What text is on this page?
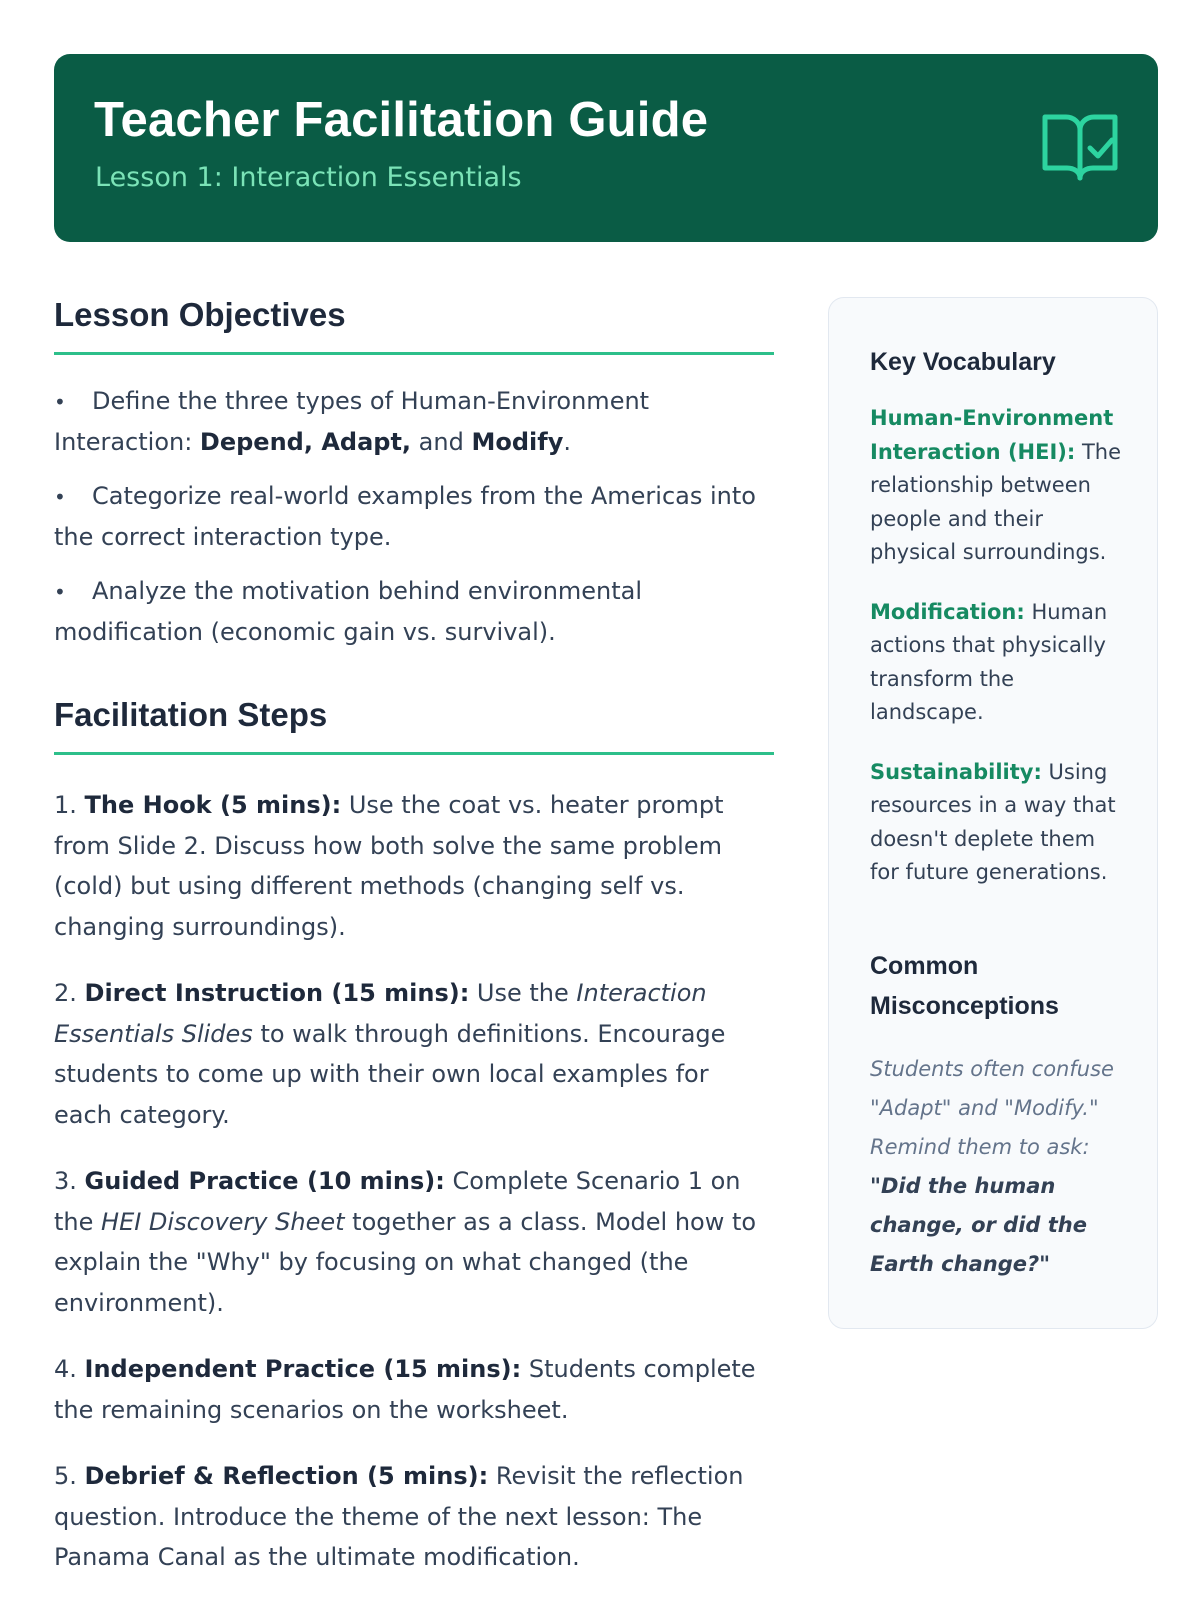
Teacher Facilitation Guide
Lesson 1: Interaction Essentials
Lesson Objectives
• Define the three types of Human-Environment Interaction: Depend, Adapt, and Modify.
• Categorize real-world examples from the Americas into the correct interaction type.
• Analyze the motivation behind environmental modification (economic gain vs. survival).
Facilitation Steps

1. The Hook (5 mins): Use the coat vs. heater prompt from Slide 2. Discuss how both solve the same problem (cold) but using different methods (changing self vs. changing surroundings).

2. Direct Instruction (15 mins): Use the Interaction Essentials Slides to walk through definitions. Encourage students to come up with their own local examples for each category.

3. Guided Practice (10 mins): Complete Scenario 1 on the HEI Discovery Sheet together as a class. Model how to explain the "Why" by focusing on what changed (the environment).

4. Independent Practice (15 mins): Students complete the remaining scenarios on the worksheet.

5. Debrief & Reflection (5 mins): Revisit the reflection question. Introduce the theme of the next lesson: The Panama Canal as the ultimate modification.

Key Vocabulary

Human-Environment Interaction (HEI): The relationship between people and their physical surroundings.

Modification: Human actions that physically transform the landscape.

Sustainability: Using resources in a way that doesn't deplete them for future generations.

Common Misconceptions

Students often confuse "Adapt" and "Modify." Remind them to ask: "Did the human change, or did the Earth change?"
